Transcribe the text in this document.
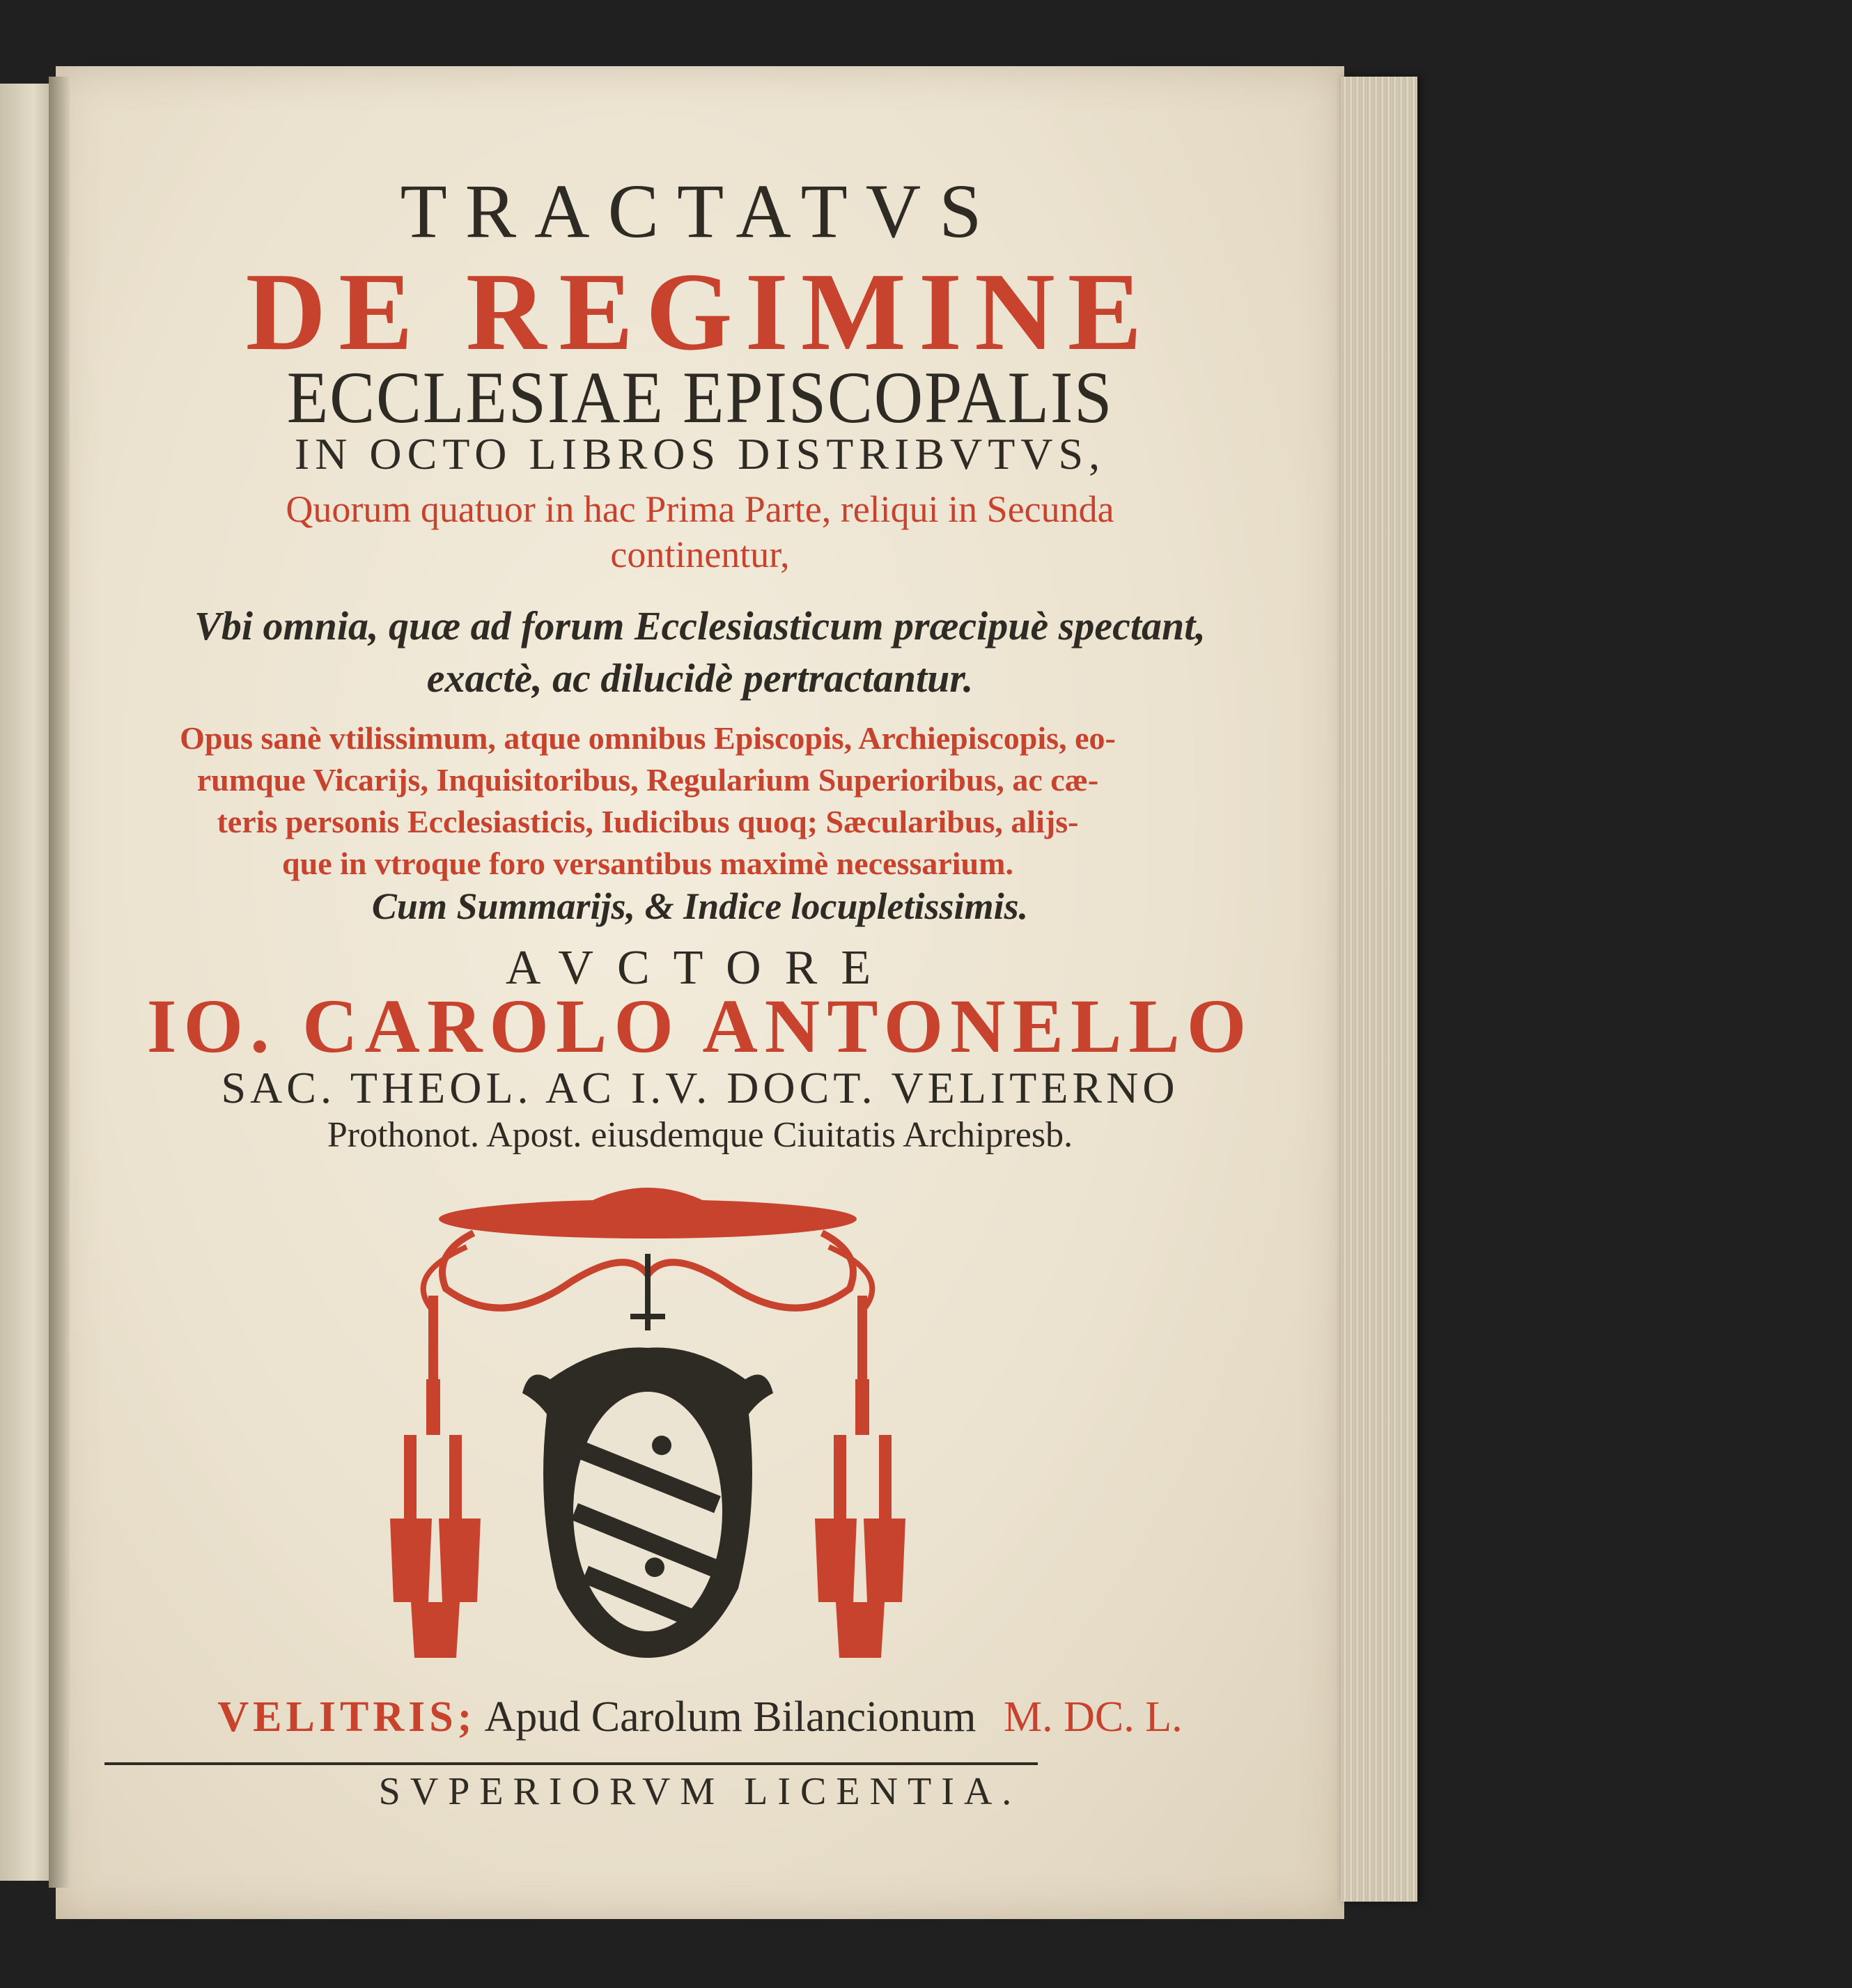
TRACTATVS
DE REGIMINE
ECCLESIAE EPISCOPALIS
IN OCTO LIBROS DISTRIBVTVS,
Quorum quatuor in hac Prima Parte, reliqui in Secunda
continentur,
Vbi omnia, quæ ad forum Ecclesiasticum præcipuè spectant,
exactè, ac dilucidè pertractantur.
Opus sanè vtilissimum, atque omnibus Episcopis, Archiepiscopis, eo-
rumque Vicarijs, Inquisitoribus, Regularium Superioribus, ac cæ-
teris personis Ecclesiasticis, Iudicibus quoq; Sæcularibus, alijs-
que in vtroque foro versantibus maximè necessarium.
Cum Summarijs, & Indice locupletissimis.
AVCTORE
IO. CAROLO ANTONELLO
SAC. THEOL. AC I.V. DOCT. VELITERNO
Prothonot. Apost. eiusdemque Ciuitatis Archipresb.
VELITRIS; Apud Carolum Bilancionum M. DC. L.
SVPERIORVM LICENTIA.
